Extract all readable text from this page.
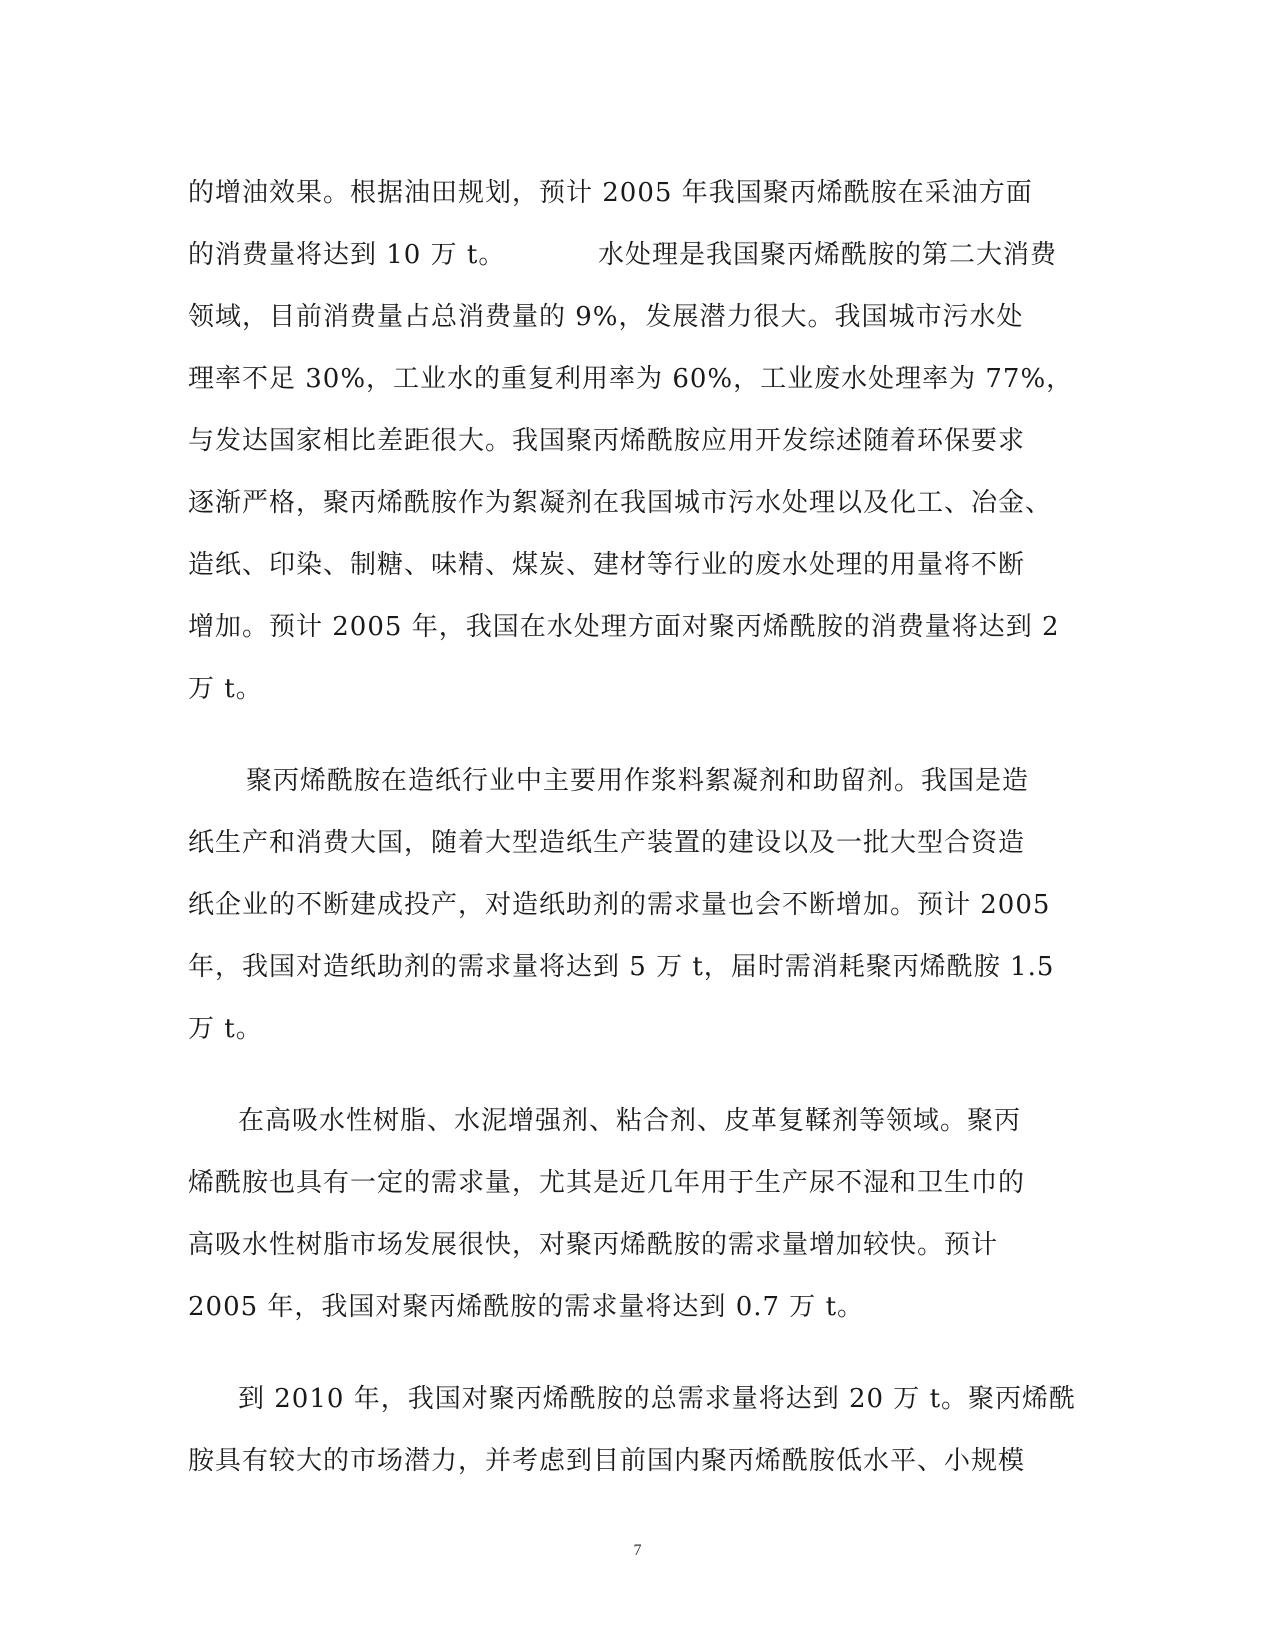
的增油效果。根据油田规划，预计 2005 年我国聚丙烯酰胺在采油方面
的消费量将达到 10 万 t。          水处理是我国聚丙烯酰胺的第二大消费
领域，目前消费量占总消费量的 9%，发展潜力很大。我国城市污水处
理率不足 30%，工业水的重复利用率为 60%，工业废水处理率为 77%，
与发达国家相比差距很大。我国聚丙烯酰胺应用开发综述随着环保要求
逐渐严格，聚丙烯酰胺作为絮凝剂在我国城市污水处理以及化工、冶金、
造纸、印染、制糖、味精、煤炭、建材等行业的废水处理的用量将不断
增加。预计 2005 年，我国在水处理方面对聚丙烯酰胺的消费量将达到 2
万 t。
聚丙烯酰胺在造纸行业中主要用作浆料絮凝剂和助留剂。我国是造
纸生产和消费大国，随着大型造纸生产装置的建设以及一批大型合资造
纸企业的不断建成投产，对造纸助剂的需求量也会不断增加。预计 2005
年，我国对造纸助剂的需求量将达到 5 万 t，届时需消耗聚丙烯酰胺 1.5
万 t。
在高吸水性树脂、水泥增强剂、粘合剂、皮革复鞣剂等领域。聚丙
烯酰胺也具有一定的需求量，尤其是近几年用于生产尿不湿和卫生巾的
高吸水性树脂市场发展很快，对聚丙烯酰胺的需求量增加较快。预计
2005 年，我国对聚丙烯酰胺的需求量将达到 0.7 万 t。
到 2010 年，我国对聚丙烯酰胺的总需求量将达到 20 万 t。聚丙烯酰
胺具有较大的市场潜力，并考虑到目前国内聚丙烯酰胺低水平、小规模
7
